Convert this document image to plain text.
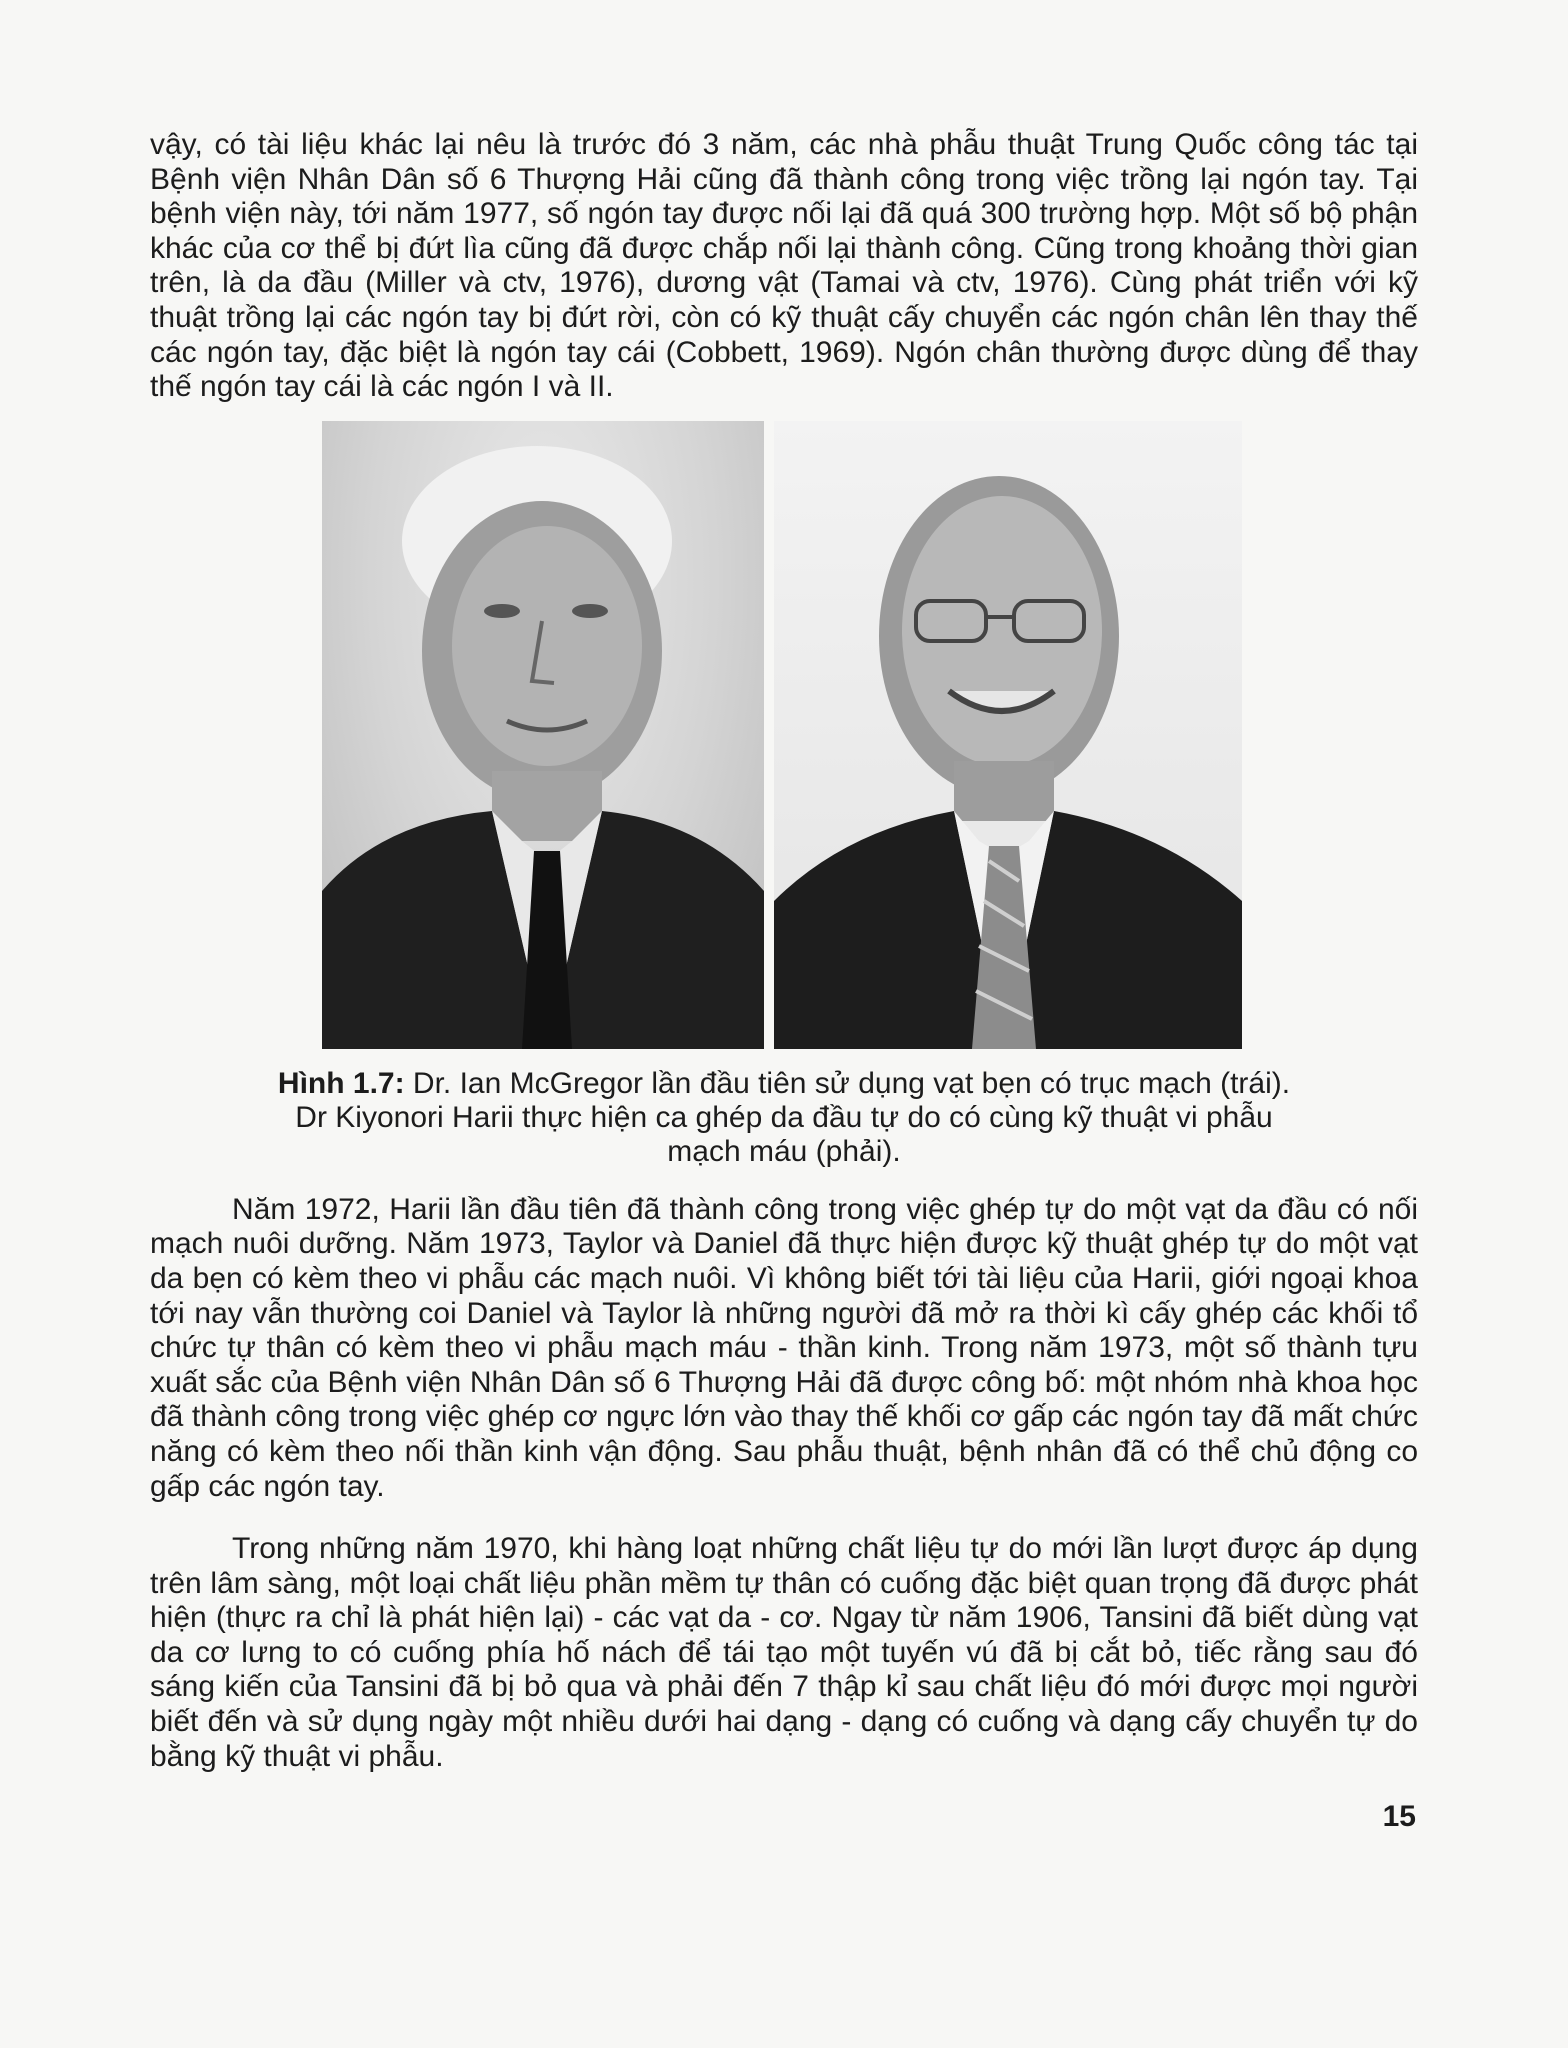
vậy, có tài liệu khác lại nêu là trước đó 3 năm, các nhà phẫu thuật Trung Quốc công tác tại Bệnh viện Nhân Dân số 6 Thượng Hải cũng đã thành công trong việc trồng lại ngón tay. Tại bệnh viện này, tới năm 1977, số ngón tay được nối lại đã quá 300 trường hợp. Một số bộ phận khác của cơ thể bị đứt lìa cũng đã được chắp nối lại thành công. Cũng trong khoảng thời gian trên, là da đầu (Miller và ctv, 1976), dương vật (Tamai và ctv, 1976). Cùng phát triển với kỹ thuật trồng lại các ngón tay bị đứt rời, còn có kỹ thuật cấy chuyển các ngón chân lên thay thế các ngón tay, đặc biệt là ngón tay cái (Cobbett, 1969). Ngón chân thường được dùng để thay thế ngón tay cái là các ngón I và II.

Hình 1.7: Dr. Ian McGregor lần đầu tiên sử dụng vạt bẹn có trục mạch (trái).
Dr Kiyonori Harii thực hiện ca ghép da đầu tự do có cùng kỹ thuật vi phẫu
mạch máu (phải).

Năm 1972, Harii lần đầu tiên đã thành công trong việc ghép tự do một vạt da đầu có nối mạch nuôi dưỡng. Năm 1973, Taylor và Daniel đã thực hiện được kỹ thuật ghép tự do một vạt da bẹn có kèm theo vi phẫu các mạch nuôi. Vì không biết tới tài liệu của Harii, giới ngoại khoa tới nay vẫn thường coi Daniel và Taylor là những người đã mở ra thời kì cấy ghép các khối tổ chức tự thân có kèm theo vi phẫu mạch máu - thần kinh. Trong năm 1973, một số thành tựu xuất sắc của Bệnh viện Nhân Dân số 6 Thượng Hải đã được công bố: một nhóm nhà khoa học đã thành công trong việc ghép cơ ngực lớn vào thay thế khối cơ gấp các ngón tay đã mất chức năng có kèm theo nối thần kinh vận động. Sau phẫu thuật, bệnh nhân đã có thể chủ động co gấp các ngón tay.

Trong những năm 1970, khi hàng loạt những chất liệu tự do mới lần lượt được áp dụng trên lâm sàng, một loại chất liệu phần mềm tự thân có cuống đặc biệt quan trọng đã được phát hiện (thực ra chỉ là phát hiện lại) - các vạt da - cơ. Ngay từ năm 1906, Tansini đã biết dùng vạt da cơ lưng to có cuống phía hố nách để tái tạo một tuyến vú đã bị cắt bỏ, tiếc rằng sau đó sáng kiến của Tansini đã bị bỏ qua và phải đến 7 thập kỉ sau chất liệu đó mới được mọi người biết đến và sử dụng ngày một nhiều dưới hai dạng - dạng có cuống và dạng cấy chuyển tự do bằng kỹ thuật vi phẫu.

15
